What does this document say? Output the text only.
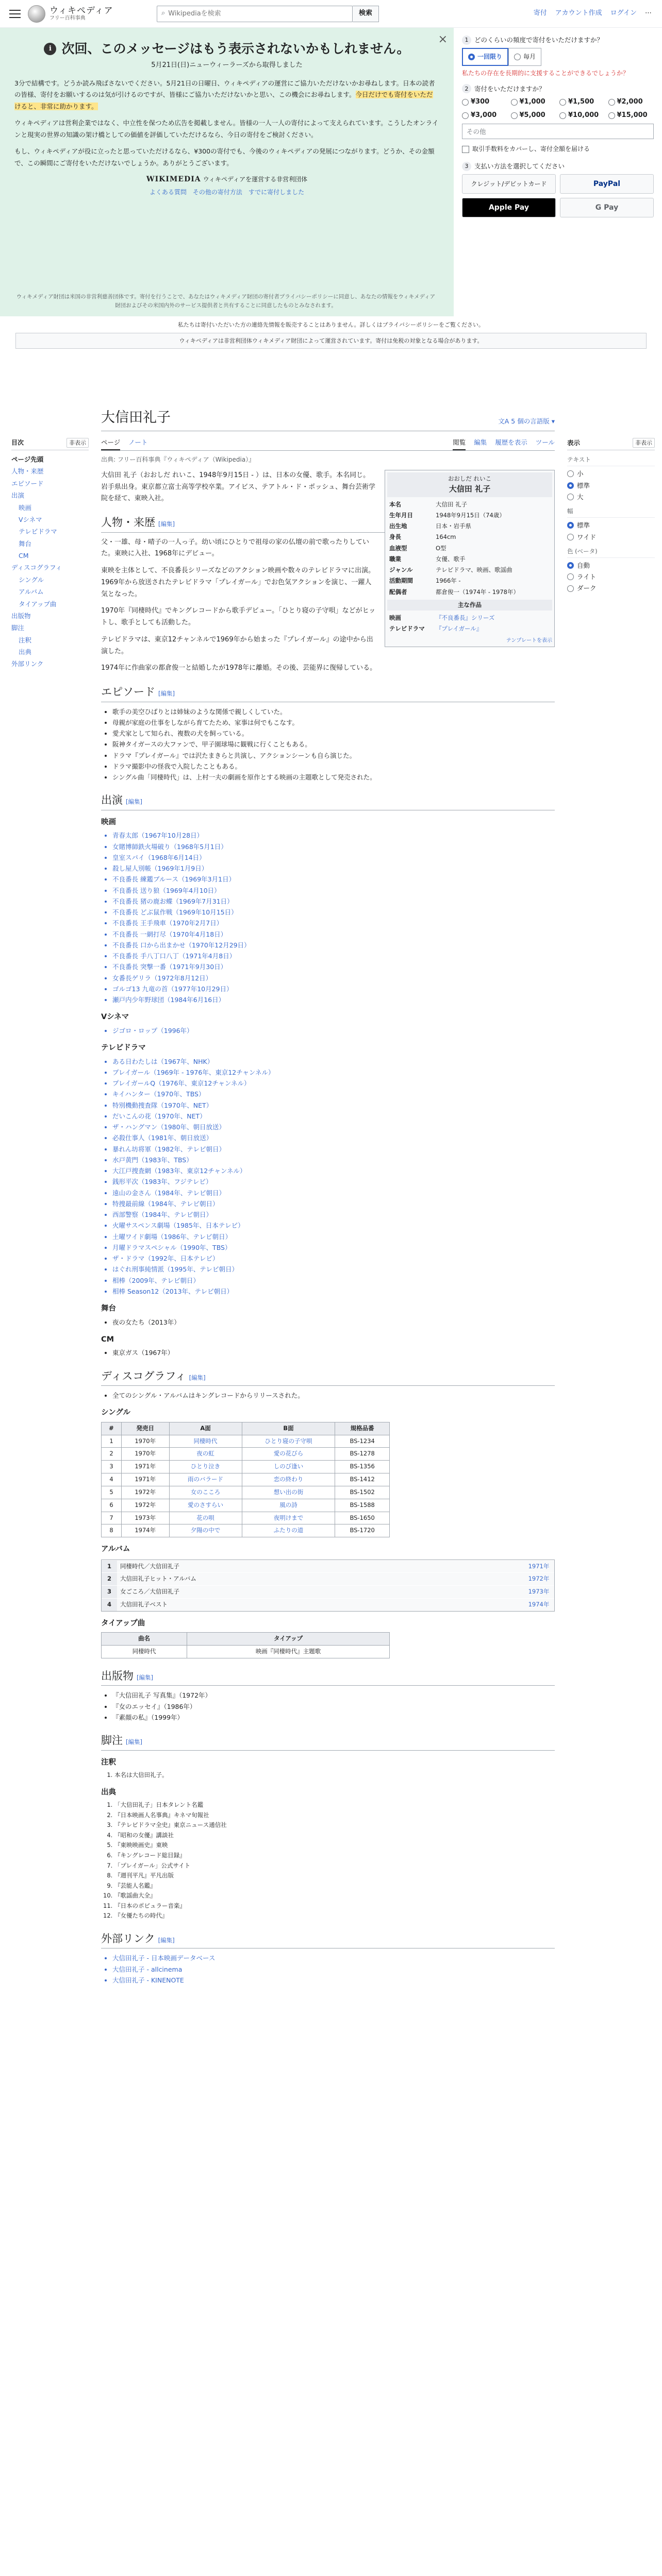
ウィキペディア
フリー百科事典
⌕
Wikipediaを検索	検索	寄付 アカウント作成 ログイン ⋯
×
i 次回、このメッセージはもう表示されないかもしれません。
5月21日(日)ニューウィーラーズから取得しました

3分で結構です。どうか読み飛ばさないでください。5月21日の日曜日、ウィキペディアの運営にご協力いただけないかお尋ねします。日本の読者の皆様、寄付をお願いするのは気が引けるのですが、皆様にご協力いただけないかと思い、この機会にお尋ねします。今日だけでも寄付をいただけると、非常に助かります。

ウィキペディアは営利企業ではなく、中立性を保つため広告を掲載しません。皆様の一人一人の寄付によって支えられています。こうしたオンラインと現実の世界の知識の架け橋としての価値を評価していただけるなら、今日の寄付をご検討ください。

もし、ウィキペディアが役に立ったと思っていただけるなら、¥300の寄付でも、今後のウィキペディアの発展につながります。どうか、その金額で、この瞬間にご寄付をいただけないでしょうか。ありがとうございます。

WIKIMEDIA ウィキペディアを運営する非営利団体
よくある質問　その他の寄付方法　すでに寄付しました
ウィキメディア財団は米国の非営利慈善団体です。寄付を行うことで、あなたはウィキメディア財団の寄付者プライバシーポリシーに同意し、あなたの情報をウィキメディア財団およびその米国内外のサービス提供者と共有することに同意したものとみなされます。
1 どのくらいの頻度で寄付をいただけますか？
一回限り	毎月
私たちの存在を長期的に支援することができるでしょうか？
2 寄付をいただけますか？
¥300	¥1,000	¥1,500	¥2,000
¥3,000	¥5,000	¥10,000	¥15,000
その他
取引手数料をカバーし、寄付全額を届ける
3 支払い方法を選択してください
クレジット/デビットカード	PayPal
Apple Pay	G Pay
私たちは寄付いただいた方の連絡先情報を販売することはありません。詳しくはプライバシーポリシーをご覧ください。
ウィキペディアは非営利団体ウィキメディア財団によって運営されています。寄付は免税の対象となる場合があります。
目次	非表示
ページ先頭
人物・来歴
エピソード
出演
映画
Vシネマ
テレビドラマ
舞台
CM
ディスコグラフィ
シングル
アルバム
タイアップ曲
出版物
脚注
注釈
出典
外部リンク
表示	非表示
テキスト
小
標準
大
幅
標準
ワイド
色 (ベータ)
自動
ライト
ダーク
大信田礼子	文A 5 個の言語版 ▾
ページ ノート	閲覧 編集 履歴を表示 ツール
出典: フリー百科事典『ウィキペディア（Wikipedia）』
おおしだ れいこ
大信田 礼子
本名	大信田 礼子
生年月日	1948年9月15日（74歳）
出生地	日本・岩手県
身長	164cm
血液型	O型
職業	女優、歌手
ジャンル	テレビドラマ、映画、歌謡曲
活動期間	1966年 -
配偶者	都倉俊一（1974年 - 1978年）
主な作品
映画	『不良番長』シリーズ
テレビドラマ	『プレイガール』
テンプレートを表示

大信田 礼子（おおしだ れいこ、1948年9月15日 - ）は、日本の女優、歌手。本名同じ。岩手県出身。東京都立富士高等学校卒業。アイビス、テアトル・ド・ポッシュ、舞台芸術学院を経て、東映入社。

人物・来歴 [編集]

父・一雄、母・晴子の一人っ子。幼い頃にひとりで祖母の家の仏壇の前で歌ったりしていた。東映に入社、1968年にデビュー。

東映を主体として、不良番長シリーズなどのアクション映画や数々のテレビドラマに出演。1969年から放送されたテレビドラマ「プレイガール」でお色気アクションを演じ、一躍人気となった。

1970年『同棲時代』でキングレコードから歌手デビュー。「ひとり寝の子守唄」などがヒットし、歌手としても活動した。

テレビドラマは、東京12チャンネルで1969年から始まった『プレイガール』の途中から出演した。

1974年に作曲家の都倉俊一と結婚したが1978年に離婚。その後、芸能界に復帰している。

エピソード [編集]
• 歌手の美空ひばりとは姉妹のような関係で親しくしていた。
• 母親が家庭の仕事をしながら育てたため、家事は何でもこなす。
• 愛犬家として知られ、複数の犬を飼っている。
• 阪神タイガースの大ファンで、甲子園球場に観戦に行くこともある。
• ドラマ『プレイガール』では沢たまきらと共演し、アクションシーンも自ら演じた。
• ドラマ撮影中の怪我で入院したこともある。
• シングル曲「同棲時代」は、上村一夫の劇画を原作とする映画の主題歌として発売された。
出演 [編集]
映画
• 青春太郎（1967年10月28日）
• 女賭博師鉄火場破り（1968年5月1日）
• 皇室スパイ（1968年6月14日）
• 殺し屋人別帳（1969年1月9日）
• 不良番長 練鑑ブルース（1969年3月1日）
• 不良番長 送り狼（1969年4月10日）
• 不良番長 猪の鹿お蝶（1969年7月31日）
• 不良番長 どぶ鼠作戦（1969年10月15日）
• 不良番長 王手飛車（1970年2月7日）
• 不良番長 一網打尽（1970年4月18日）
• 不良番長 口から出まかせ（1970年12月29日）
• 不良番長 手八丁口八丁（1971年4月8日）
• 不良番長 突撃一番（1971年9月30日）
• 女番長ゲリラ（1972年8月12日）
• ゴルゴ13 九竜の首（1977年10月29日）
• 瀬戸内少年野球団（1984年6月16日）
Vシネマ
• ジゴロ・ロップ（1996年）
テレビドラマ
• ある日わたしは（1967年、NHK）
• プレイガール（1969年 - 1976年、東京12チャンネル）
• プレイガールQ（1976年、東京12チャンネル）
• キイハンター（1970年、TBS）
• 特別機動捜査隊（1970年、NET）
• だいこんの花（1970年、NET）
• ザ・ハングマン（1980年、朝日放送）
• 必殺仕事人（1981年、朝日放送）
• 暴れん坊将軍（1982年、テレビ朝日）
• 水戸黄門（1983年、TBS）
• 大江戸捜査網（1983年、東京12チャンネル）
• 銭形平次（1983年、フジテレビ）
• 遠山の金さん（1984年、テレビ朝日）
• 特捜最前線（1984年、テレビ朝日）
• 西部警察（1984年、テレビ朝日）
• 火曜サスペンス劇場（1985年、日本テレビ）
• 土曜ワイド劇場（1986年、テレビ朝日）
• 月曜ドラマスペシャル（1990年、TBS）
• ザ・ドラマ（1992年、日本テレビ）
• はぐれ刑事純情派（1995年、テレビ朝日）
• 相棒（2009年、テレビ朝日）
• 相棒 Season12（2013年、テレビ朝日）
舞台
• 夜の女たち（2013年）
CM
• 東京ガス（1967年）
ディスコグラフィ [編集]
• 全てのシングル・アルバムはキングレコードからリリースされた。
シングル
#	発売日	A面	B面	規格品番
1	1970年	同棲時代	ひとり寝の子守唄	BS-1234
2	1970年	夜の虹	愛の花びら	BS-1278
3	1971年	ひとり泣き	しのび逢い	BS-1356
4	1971年	雨のバラード	恋の終わり	BS-1412
5	1972年	女のこころ	想い出の街	BS-1502
6	1972年	愛のさすらい	風の詩	BS-1588
7	1973年	花の唄	夜明けまで	BS-1650
8	1974年	夕陽の中で	ふたりの道	BS-1720
アルバム
1	同棲時代／大信田礼子	1971年
2	大信田礼子ヒット・アルバム	1972年
3	女ごころ／大信田礼子	1973年
4	大信田礼子ベスト	1974年
タイアップ曲
曲名	タイアップ
同棲時代	映画『同棲時代』主題歌
出版物 [編集]
• 『大信田礼子 写真集』（1972年）
• 『女のエッセイ』（1986年）
• 『素顔の私』（1999年）
脚注 [編集]
注釈
1. 本名は大信田礼子。
出典
1. 「大信田礼子」日本タレント名鑑
2. 『日本映画人名事典』キネマ旬報社
3. 『テレビドラマ全史』東京ニュース通信社
4. 『昭和の女優』講談社
5. 『東映映画史』東映
6. 『キングレコード総目録』
7. 「プレイガール」公式サイト
8. 『週刊平凡』平凡出版
9. 『芸能人名鑑』
10. 『歌謡曲大全』
11. 『日本のポピュラー音楽』
12. 『女優たちの時代』
外部リンク [編集]
• 大信田礼子 - 日本映画データベース
• 大信田礼子 - allcinema
• 大信田礼子 - KINENOTE
